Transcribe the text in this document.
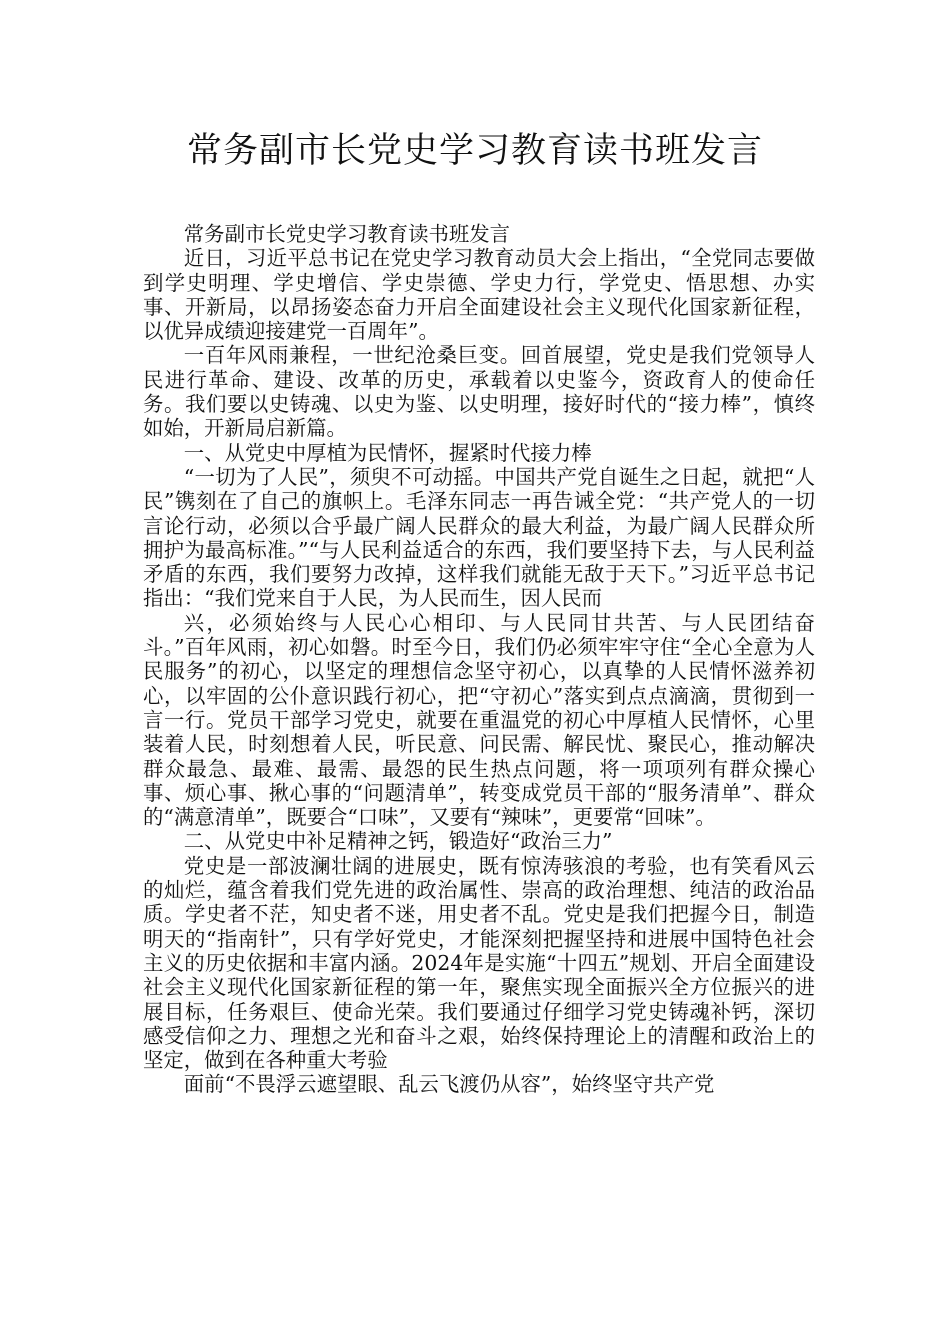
常务副市长党史学习教育读书班发言

常务副市长党史学习教育读书班发言

近日，习近平总书记在党史学习教育动员大会上指出，“全党同志要做到学史明理、学史增信、学史崇德、学史力行，学党史、悟思想、办实事、开新局，以昂扬姿态奋力开启全面建设社会主义现代化国家新征程，以优异成绩迎接建党一百周年”。

一百年风雨兼程，一世纪沧桑巨变。回首展望，党史是我们党领导人民进行革命、建设、改革的历史，承载着以史鉴今，资政育人的使命任务。我们要以史铸魂、以史为鉴、以史明理，接好时代的“接力棒”，慎终如始，开新局启新篇。

一、从党史中厚植为民情怀，握紧时代接力棒

“一切为了人民”，须臾不可动摇。中国共产党自诞生之日起，就把“人民”镌刻在了自己的旗帜上。毛泽东同志一再告诫全党：“共产党人的一切言论行动，必须以合乎最广阔人民群众的最大利益，为最广阔人民群众所拥护为最高标准。”“与人民利益适合的东西，我们要坚持下去，与人民利益矛盾的东西，我们要努力改掉，这样我们就能无敌于天下。”习近平总书记指出：“我们党来自于人民，为人民而生，因人民而

兴，必须始终与人民心心相印、与人民同甘共苦、与人民团结奋斗。”百年风雨，初心如磐。时至今日，我们仍必须牢牢守住“全心全意为人民服务”的初心，以坚定的理想信念坚守初心，以真挚的人民情怀滋养初心，以牢固的公仆意识践行初心，把“守初心”落实到点点滴滴，贯彻到一言一行。党员干部学习党史，就要在重温党的初心中厚植人民情怀，心里装着人民，时刻想着人民，听民意、问民需、解民忧、聚民心，推动解决群众最急、最难、最需、最怨的民生热点问题，将一项项列有群众操心事、烦心事、揪心事的“问题清单”，转变成党员干部的“服务清单”、群众的“满意清单”，既要合“口味”，又要有“辣味”，更要常“回味”。

二、从党史中补足精神之钙，锻造好“政治三力”

党史是一部波澜壮阔的进展史，既有惊涛骇浪的考验，也有笑看风云的灿烂，蕴含着我们党先进的政治属性、崇高的政治理想、纯洁的政治品质。学史者不茫，知史者不迷，用史者不乱。党史是我们把握今日，制造明天的“指南针”，只有学好党史，才能深刻把握坚持和进展中国特色社会主义的历史依据和丰富内涵。2024年是实施“十四五”规划、开启全面建设社会主义现代化国家新征程的第一年，聚焦实现全面振兴全方位振兴的进展目标，任务艰巨、使命光荣。我们要通过仔细学习党史铸魂补钙，深切感受信仰之力、理想之光和奋斗之艰，始终保持理论上的清醒和政治上的坚定，做到在各种重大考验

面前“不畏浮云遮望眼、乱云飞渡仍从容”，始终坚守共产党
